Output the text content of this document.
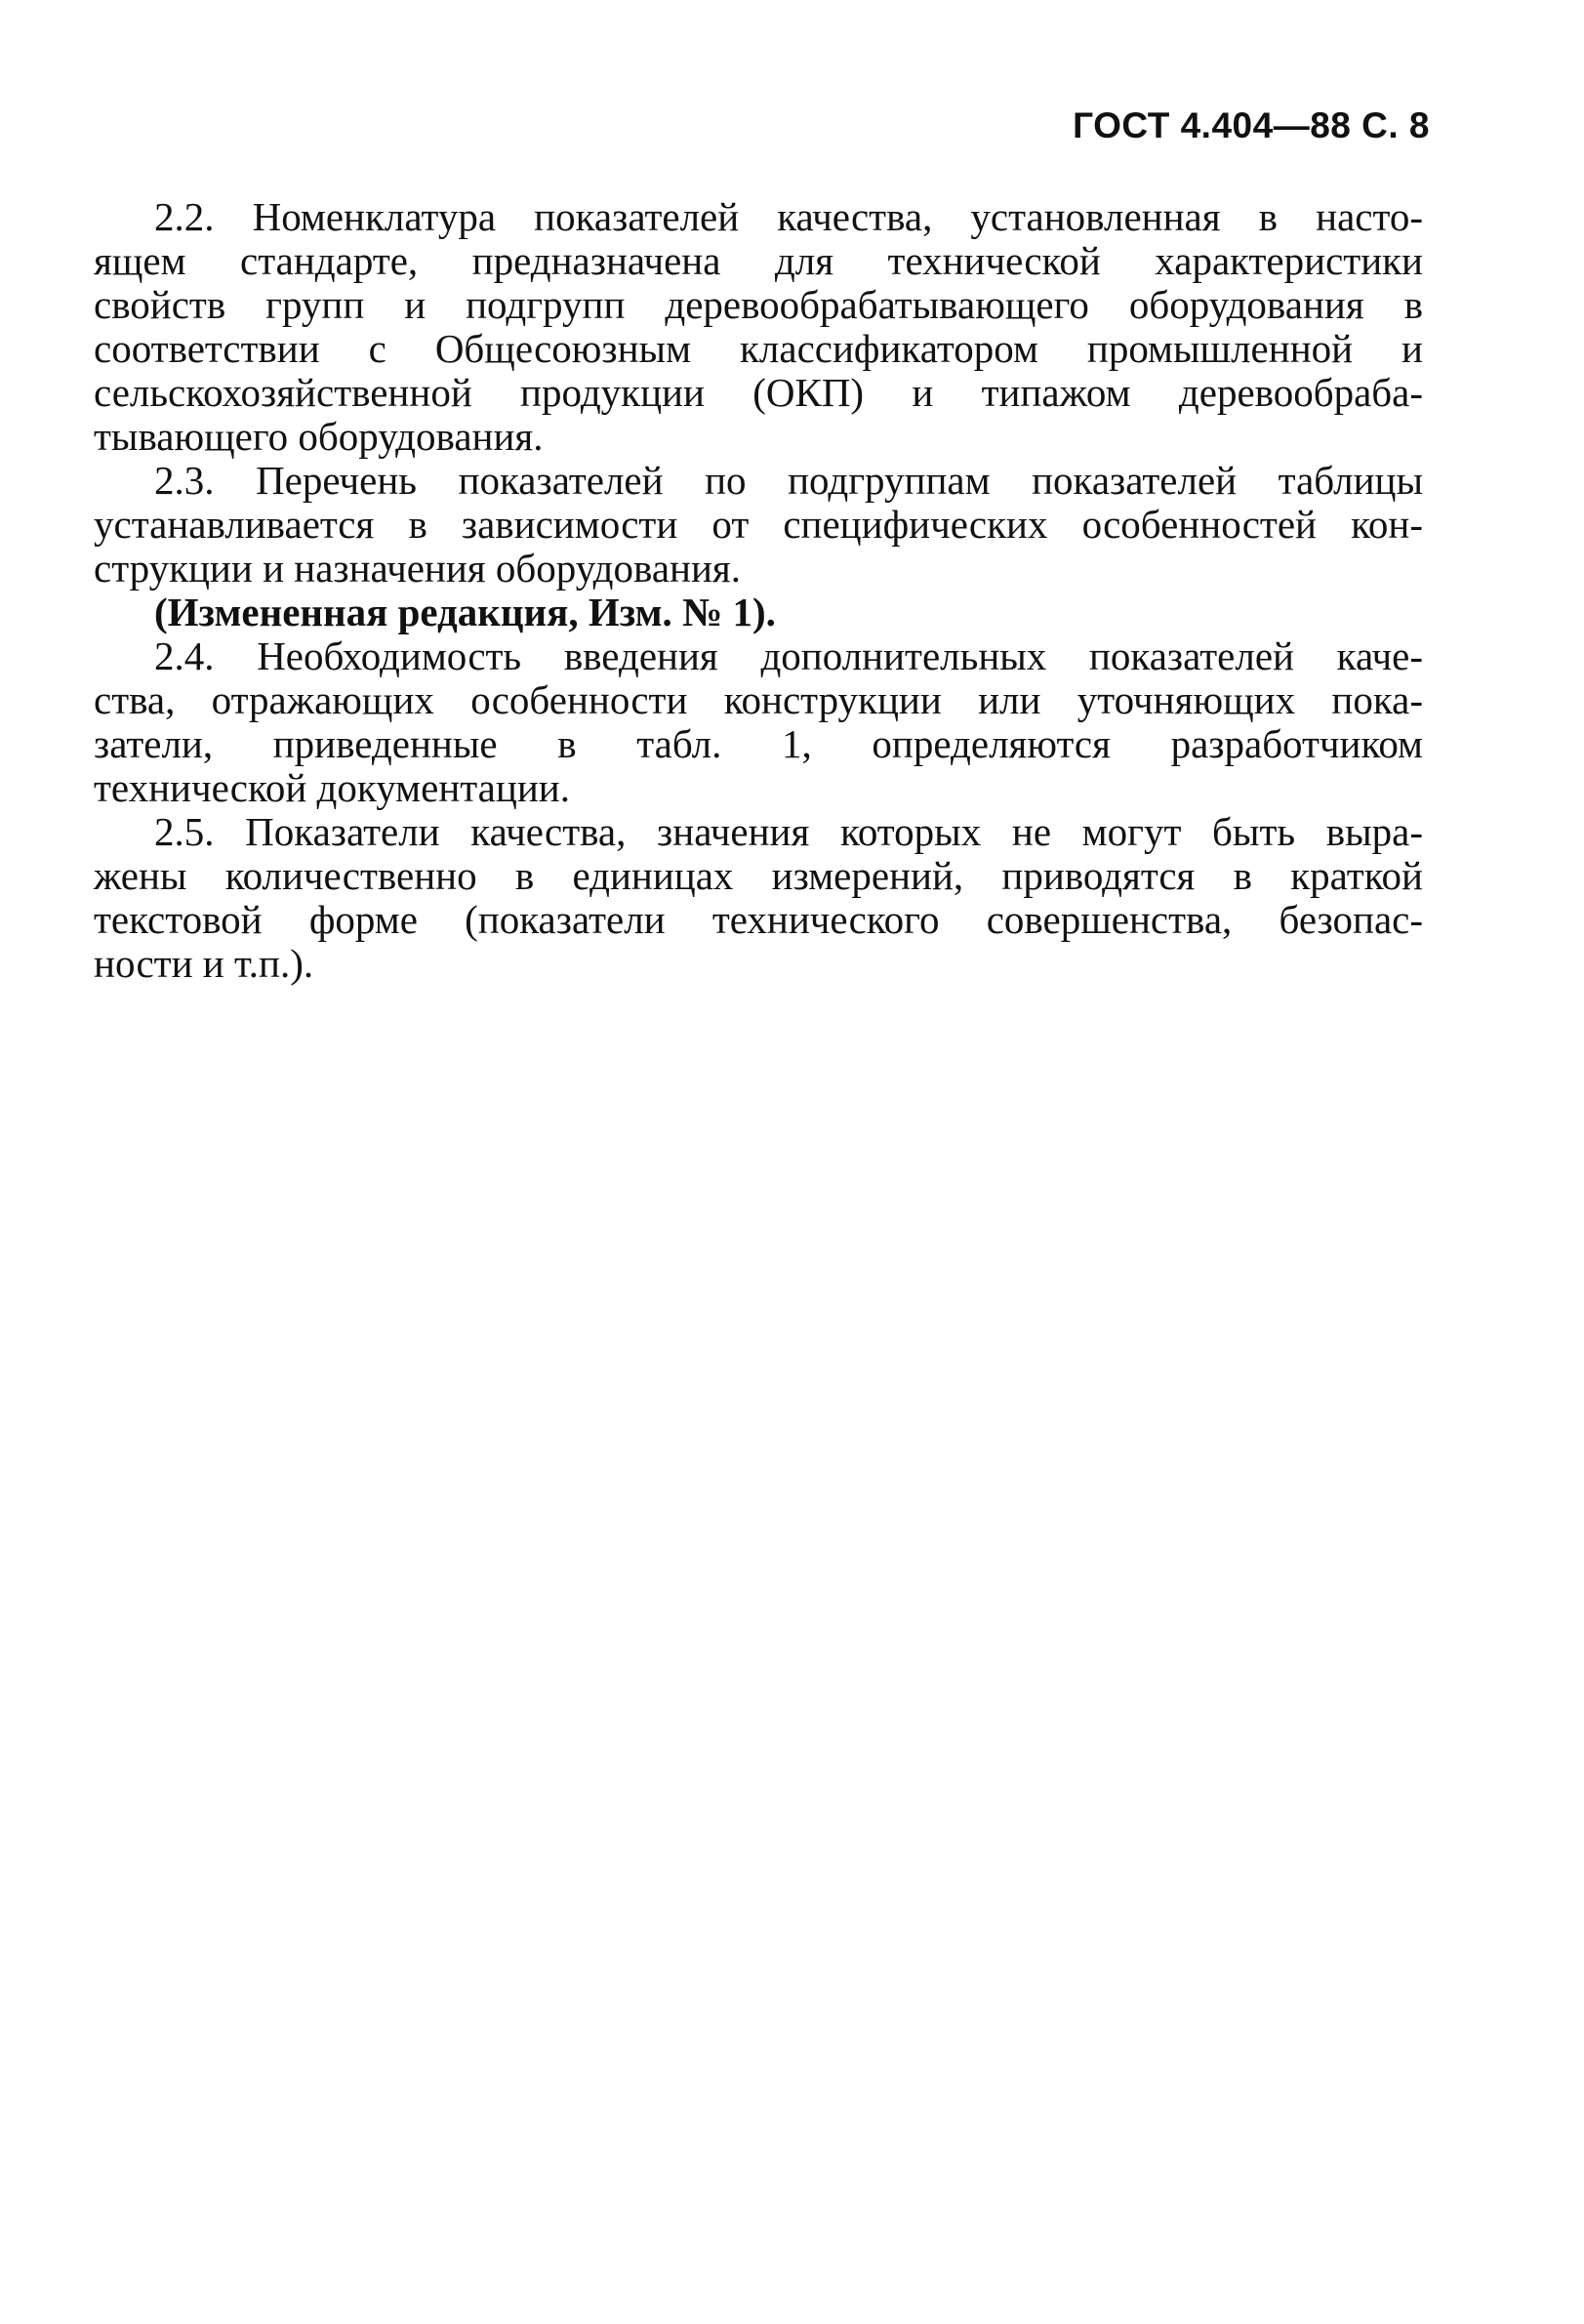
ГОСТ 4.404—88 С. 8
2.2. Номенклатура показателей качества, установленная в насто-
ящем стандарте, предназначена для технической характеристики
свойств групп и подгрупп деревообрабатывающего оборудования в
соответствии с Общесоюзным классификатором промышленной и
сельскохозяйственной продукции (ОКП) и типажом деревообраба-
тывающего оборудования.
2.3. Перечень показателей по подгруппам показателей таблицы
устанавливается в зависимости от специфических особенностей кон-
струкции и назначения оборудования.

(Измененная редакция, Изм. № 1).

2.4. Необходимость введения дополнительных показателей каче-
ства, отражающих особенности конструкции или уточняющих пока-
затели, приведенные в табл. 1, определяются разработчиком
технической документации.
2.5. Показатели качества, значения которых не могут быть выра-
жены количественно в единицах измерений, приводятся в краткой
текстовой форме (показатели технического совершенства, безопас-
ности и т.п.).
